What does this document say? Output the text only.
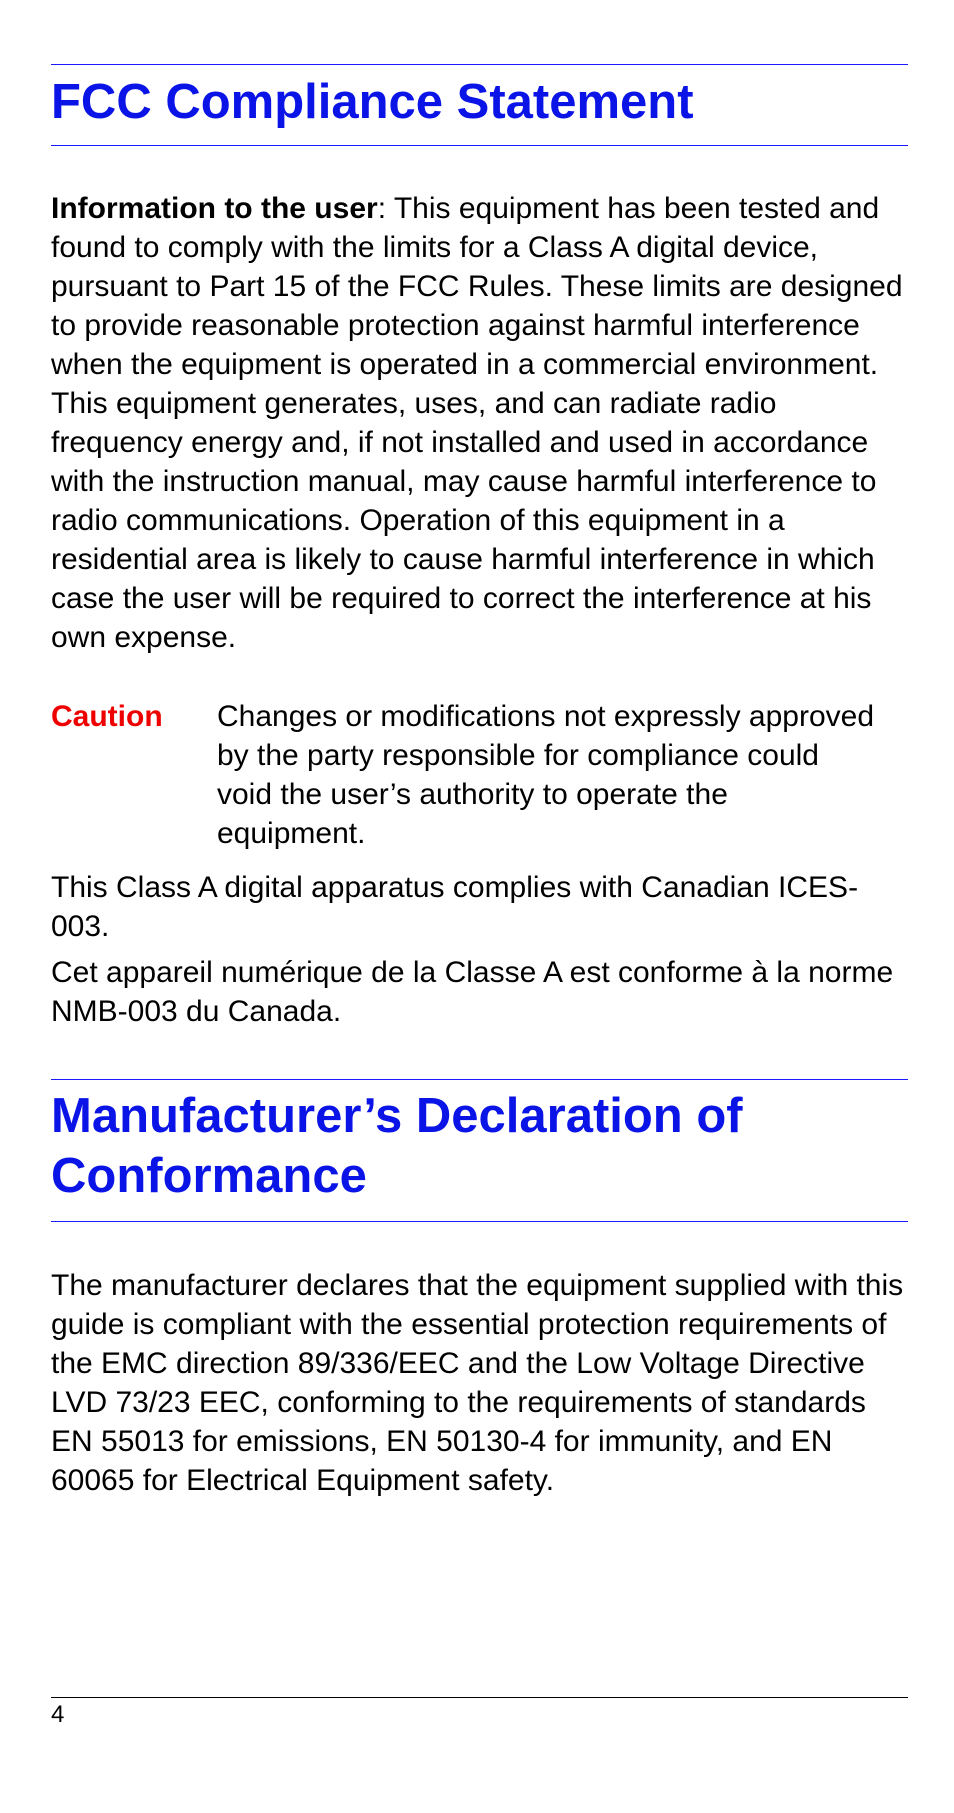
FCC Compliance Statement

Information to the user: This equipment has been tested and found to comply with the limits for a Class A digital device, pursuant to Part 15 of the FCC Rules. These limits are designed to provide reasonable protection against harmful interference when the equipment is operated in a commercial environment. This equipment generates, uses, and can radiate radio frequency energy and, if not installed and used in accordance with the instruction manual, may cause harmful interference to radio communications. Operation of this equipment in a residential area is likely to cause harmful interference in which case the user will be required to correct the interference at his own expense.

Caution	Changes or modifications not expressly approved by the party responsible for compliance could void the user’s authority to operate the equipment.

This Class A digital apparatus complies with Canadian ICES-003.

Cet appareil numérique de la Classe A est conforme à la norme NMB-003 du Canada.

Manufacturer’s Declaration of Conformance

The manufacturer declares that the equipment supplied with this guide is compliant with the essential protection requirements of the EMC direction 89/336/EEC and the Low Voltage Directive LVD 73/23 EEC, conforming to the requirements of standards EN 55013 for emissions, EN 50130-4 for immunity, and EN 60065 for Electrical Equipment safety.

4
